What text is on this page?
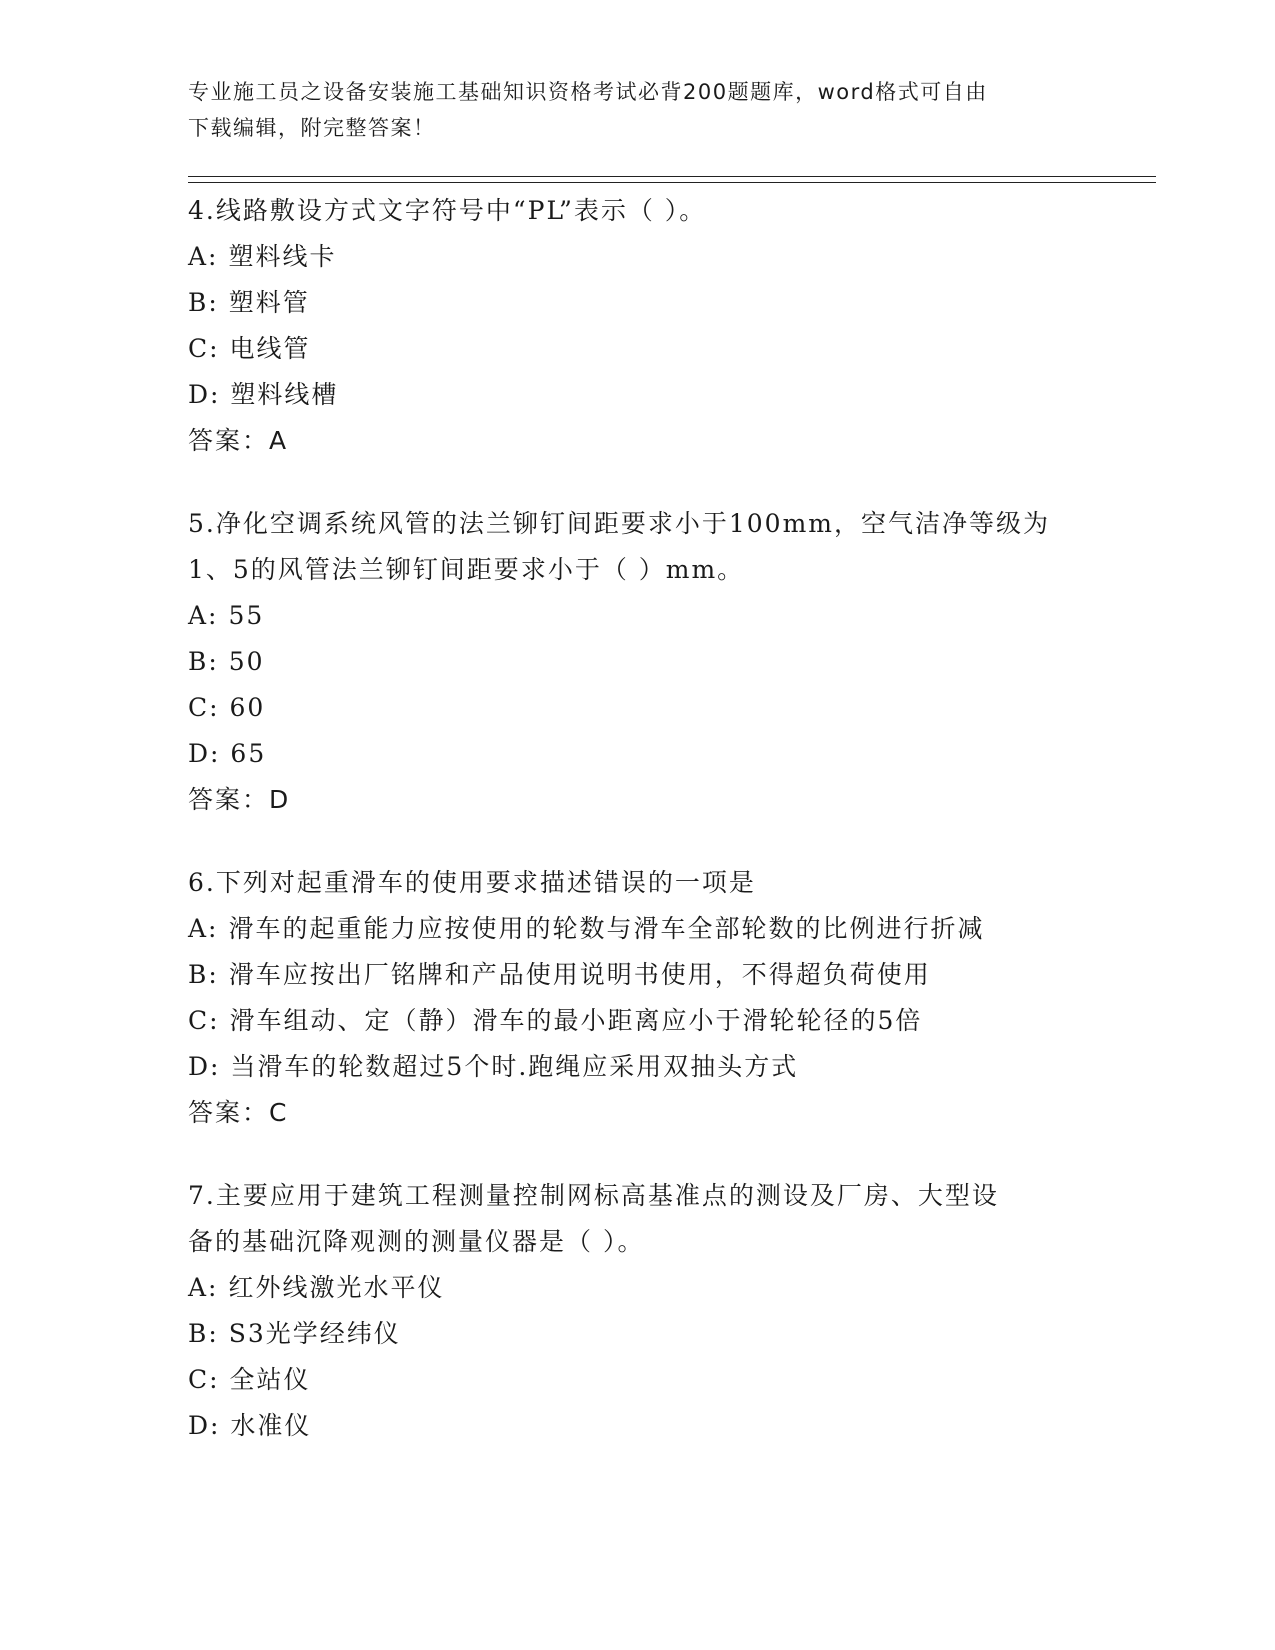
专业施工员之设备安装施工基础知识资格考试必背200题题库，word格式可自由
下载编辑，附完整答案！

4.线路敷设方式文字符号中“PL”表示（ ）。

A: 塑料线卡

B: 塑料管

C: 电线管

D: 塑料线槽

答案：A

5.净化空调系统风管的法兰铆钉间距要求小于100mm，空气洁净等级为

1、5的风管法兰铆钉间距要求小于（ ）mm。

A: 55

B: 50

C: 60

D: 65

答案：D

6.下列对起重滑车的使用要求描述错误的一项是

A: 滑车的起重能力应按使用的轮数与滑车全部轮数的比例进行折减

B: 滑车应按出厂铭牌和产品使用说明书使用，不得超负荷使用

C: 滑车组动、定（静）滑车的最小距离应小于滑轮轮径的5倍

D: 当滑车的轮数超过5个时.跑绳应采用双抽头方式

答案：C

7.主要应用于建筑工程测量控制网标高基准点的测设及厂房、大型设

备的基础沉降观测的测量仪器是（ ）。

A: 红外线激光水平仪

B: S3光学经纬仪

C: 全站仪

D: 水准仪
